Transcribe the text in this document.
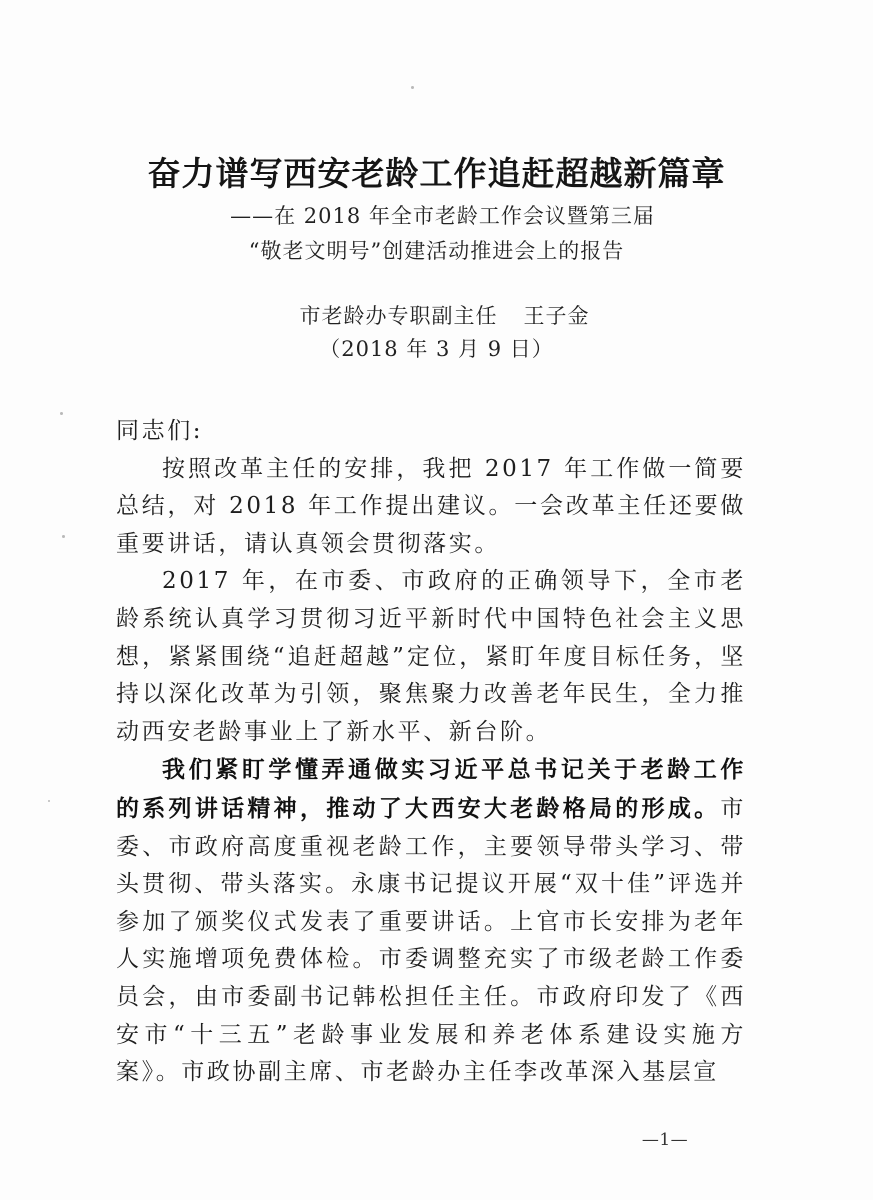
奋力谱写西安老龄工作追赶超越新篇章
——在 2018 年全市老龄工作会议暨第三届
“敬老文明号”创建活动推进会上的报告
市老龄办专职副主任 王子金
（2018 年 3 月 9 日）

同志们:

按照改革主任的安排，我把 2017 年工作做一简要总结，对 2018 年工作提出建议。一会改革主任还要做重要讲话，请认真领会贯彻落实。

2017 年，在市委、市政府的正确领导下，全市老龄系统认真学习贯彻习近平新时代中国特色社会主义思想，紧紧围绕“追赶超越”定位，紧盯年度目标任务，坚持以深化改革为引领，聚焦聚力改善老年民生，全力推动西安老龄事业上了新水平、新台阶。

我们紧盯学懂弄通做实习近平总书记关于老龄工作的系列讲话精神，推动了大西安大老龄格局的形成。市委、市政府高度重视老龄工作，主要领导带头学习、带头贯彻、带头落实。永康书记提议开展“双十佳”评选并参加了颁奖仪式发表了重要讲话。上官市长安排为老年人实施增项免费体检。市委调整充实了市级老龄工作委员会，由市委副书记韩松担任主任。市政府印发了《西安市“十三五”老龄事业发展和养老体系建设实施方案》。市政协副主席、市老龄办主任李改革深入基层宣

—1—
